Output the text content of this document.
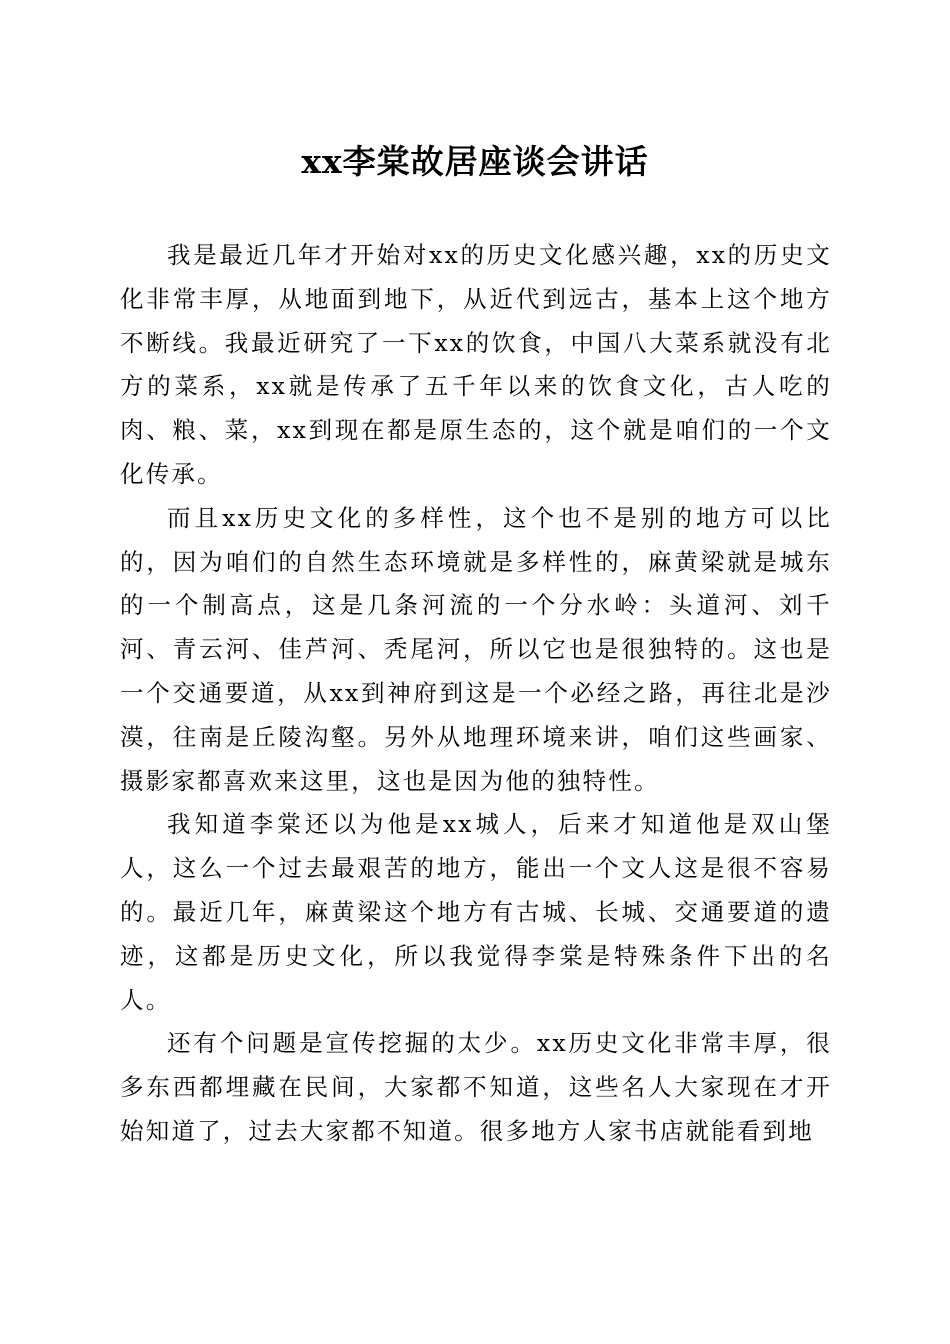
xx李棠故居座谈会讲话

我是最近几年才开始对xx的历史文化感兴趣，xx的历史文化非常丰厚，从地面到地下，从近代到远古，基本上这个地方不断线。我最近研究了一下xx的饮食，中国八大菜系就没有北方的菜系，xx就是传承了五千年以来的饮食文化，古人吃的肉、粮、菜，xx到现在都是原生态的，这个就是咱们的一个文化传承。

而且xx历史文化的多样性，这个也不是别的地方可以比的，因为咱们的自然生态环境就是多样性的，麻黄梁就是城东的一个制高点，这是几条河流的一个分水岭：头道河、刘千河、青云河、佳芦河、秃尾河，所以它也是很独特的。这也是一个交通要道，从xx到神府到这是一个必经之路，再往北是沙漠，往南是丘陵沟壑。另外从地理环境来讲，咱们这些画家、摄影家都喜欢来这里，这也是因为他的独特性。

我知道李棠还以为他是xx城人，后来才知道他是双山堡人，这么一个过去最艰苦的地方，能出一个文人这是很不容易的。最近几年，麻黄梁这个地方有古城、长城、交通要道的遗迹，这都是历史文化，所以我觉得李棠是特殊条件下出的名人。

还有个问题是宣传挖掘的太少。xx历史文化非常丰厚，很多东西都埋藏在民间，大家都不知道，这些名人大家现在才开始知道了，过去大家都不知道。很多地方人家书店就能看到地
